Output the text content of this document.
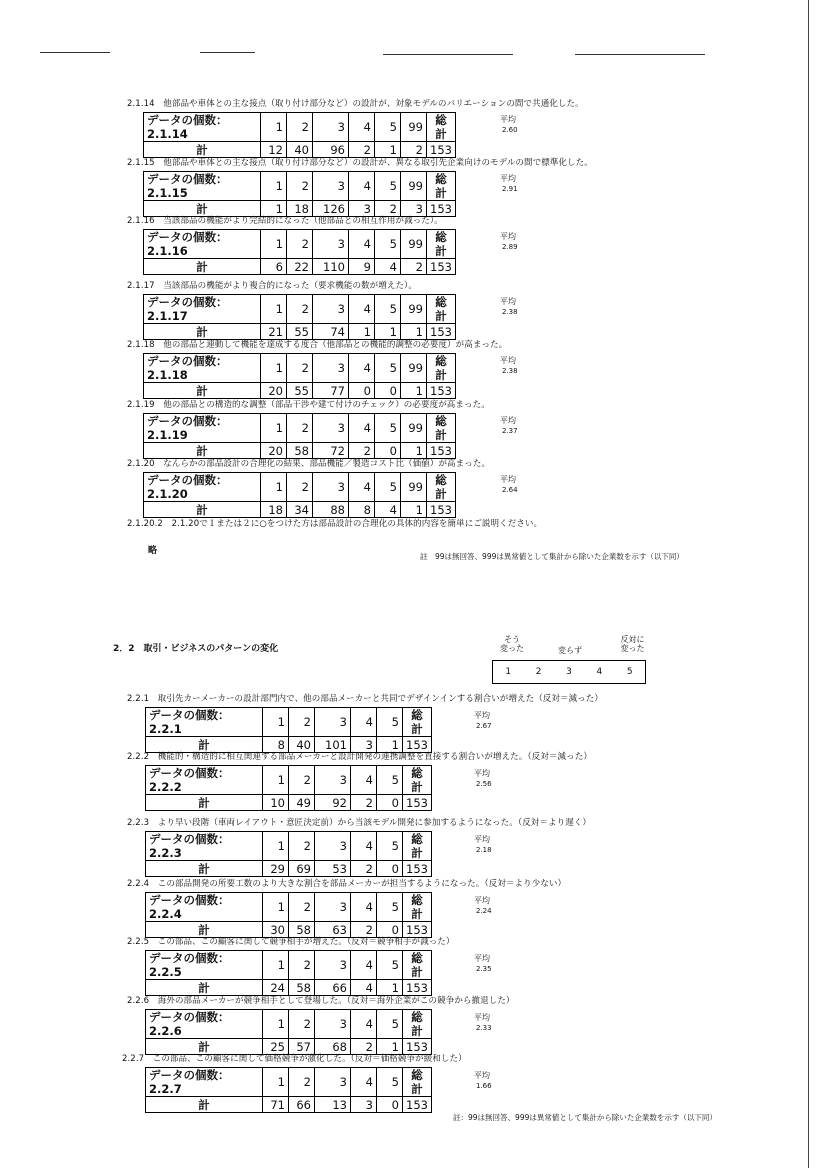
2.1.14　 他部品や車体との主な接点（取り付け部分など）の設計が、対象モデルのバリエーションの間で共通化した。
データの個数：2.1.14	1	2	3	4	5	99	総計
計	12	40	96	2	1	2	153
平均
2.60
2.1.15　 他部品や車体との主な接点（取り付け部分など）の設計が、異なる取引先企業向けのモデルの間で標準化した。
データの個数：2.1.15	1	2	3	4	5	99	総計
計	1	18	126	3	2	3	153
平均
2.91
2.1.16　 当該部品の機能がより完結的になった（他部品との相互作用が減った）。
データの個数：2.1.16	1	2	3	4	5	99	総計
計	6	22	110	9	4	2	153
平均
2.89
2.1.17　 当該部品の機能がより複合的になった（要求機能の数が増えた）。
データの個数：2.1.17	1	2	3	4	5	99	総計
計	21	55	74	1	1	1	153
平均
2.38
2.1.18　 他の部品と連動して機能を達成する度合（他部品との機能的調整の必要度）が高まった。
データの個数：2.1.18	1	2	3	4	5	99	総計
計	20	55	77	0	0	1	153
平均
2.38
2.1.19　 他の部品との構造的な調整（部品干渉や建て付けのチェック）の必要度が高まった。
データの個数：2.1.19	1	2	3	4	5	99	総計
計	20	58	72	2	0	1	153
平均
2.37
2.1.20　 なんらかの部品設計の合理化の結果、部品機能／製造コスト比（価値）が高まった。
データの個数：2.1.20	1	2	3	4	5	99	総計
計	18	34	88	8	4	1	153
平均
2.64
2.1.20.2　 2.1.20で１または２に○をつけた方は部品設計の合理化の具体的内容を簡単にご説明ください。
略
註　99は無回答、999は異常値として集計から除いた企業数を示す（以下同）
2．2　 取引・ビジネスのパターンの変化
そう
変った	変らず
反対に
変った
1	2	3	4	5
2.2.1　 取引先カーメーカーの設計部門内で、他の部品メーカーと共同でデザインインする割合いが増えた（反対＝減った）
データの個数：2.2.1	1	2	3	4	5	総計
計	8	40	101	3	1	153
平均
2.67
2.2.2　 機能的・構造的に相互関連する部品メーカーと設計開発の連携調整を直接する割合いが増えた。（反対＝減った）
データの個数：2.2.2	1	2	3	4	5	総計
計	10	49	92	2	0	153
平均
2.56
2.2.3　 より早い段階（車両レイアウト・意匠決定前）から当該モデル開発に参加するようになった。（反対＝より遅く）
データの個数：2.2.3	1	2	3	4	5	総計
計	29	69	53	2	0	153
平均
2.18
2.2.4　 この部品開発の所要工数のより大きな割合を部品メーカーが担当するようになった。（反対＝より少ない）
データの個数：2.2.4	1	2	3	4	5	総計
計	30	58	63	2	0	153
平均
2.24
2.2.5　 この部品、この顧客に関して競争相手が増えた。（反対＝競争相手が減った）
データの個数：2.2.5	1	2	3	4	5	総計
計	24	58	66	4	1	153
平均
2.35
2.2.6　 海外の部品メーカーが競争相手として登場した。（反対＝海外企業がこの競争から撤退した）
データの個数：2.2.6	1	2	3	4	5	総計
計	25	57	68	2	1	153
平均
2.33
2.2.7　 この部品、この顧客に関して価格競争が激化した。（反対＝価格競争が緩和した）
データの個数：2.2.7	1	2	3	4	5	総計
計	71	66	13	3	0	153
平均
1.66
註：99は無回答、999は異常値として集計から除いた企業数を示す（以下同）
